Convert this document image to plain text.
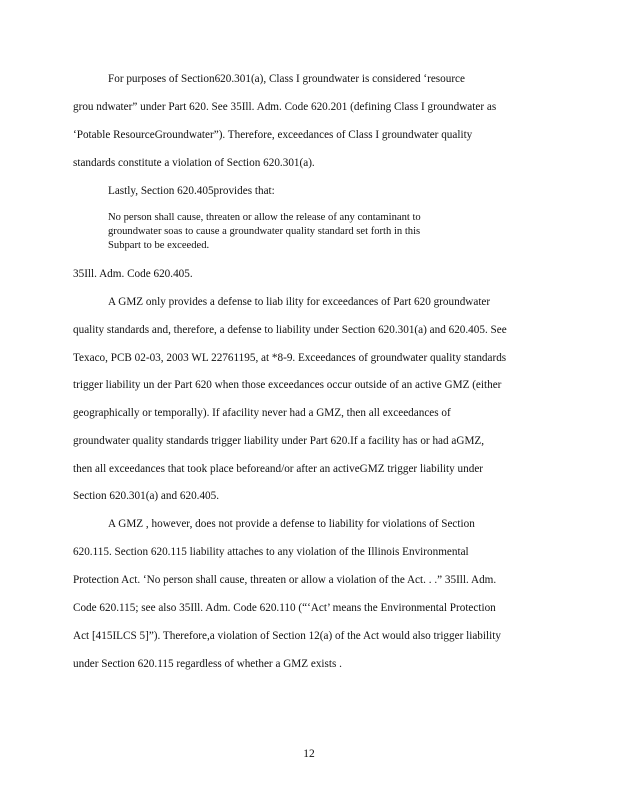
For purposes of Section620.301(a), Class I groundwater is considered ‘resource
grou ndwater” under Part 620. See 35Ill. Adm. Code 620.201 (defining Class I groundwater as
‘Potable ResourceGroundwater”). Therefore, exceedances of Class I groundwater quality
standards constitute a violation of Section 620.301(a).
Lastly, Section 620.405provides that:
No person shall cause, threaten or allow the release of any contaminant to
groundwater soas to cause a groundwater quality standard set forth in this
Subpart to be exceeded.
35Ill. Adm. Code 620.405.
A GMZ only provides a defense to liab ility for exceedances of Part 620 groundwater
quality standards and, therefore, a defense to liability under Section 620.301(a) and 620.405. See
Texaco, PCB 02-03, 2003 WL 22761195, at *8-9. Exceedances of groundwater quality standards
trigger liability un der Part 620 when those exceedances occur outside of an active GMZ (either
geographically or temporally). If afacility never had a GMZ, then all exceedances of
groundwater quality standards trigger liability under Part 620.If a facility has or had aGMZ,
then all exceedances that took place beforeand/or after an activeGMZ trigger liability under
Section 620.301(a) and 620.405.
A GMZ , however, does not provide a defense to liability for violations of Section
620.115. Section 620.115 liability attaches to any violation of the Illinois Environmental
Protection Act. ‘No person shall cause, threaten or allow a violation of the Act. . .” 35Ill. Adm.
Code 620.115; see also 35Ill. Adm. Code 620.110 (“‘Act’ means the Environmental Protection
Act [415ILCS 5]”). Therefore,a violation of Section 12(a) of the Act would also trigger liability
under Section 620.115 regardless of whether a GMZ exists .
12
